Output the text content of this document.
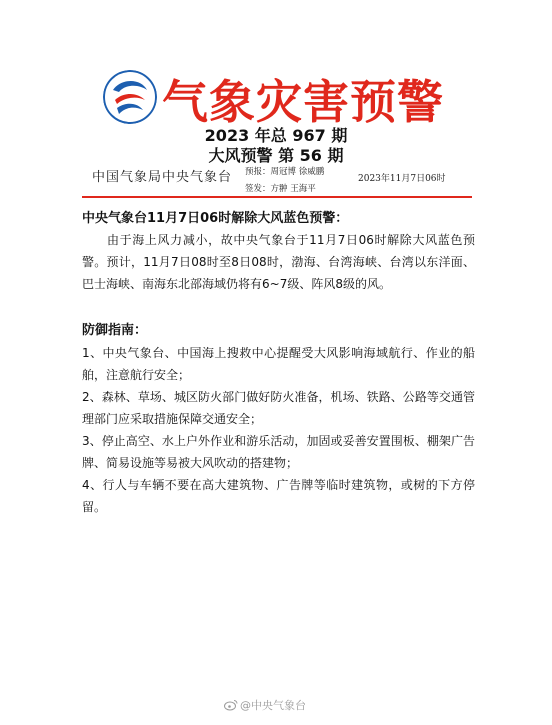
气象灾害预警
2023 年总 967 期
大风预警 第 56 期
中国气象局中央气象台 预报：周冠博 徐威鹏
签发：方翀 王海平
2023年11月7日06时
中央气象台11月7日06时解除大风蓝色预警：
由于海上风力减小，故中央气象台于11月7日06时解除大风蓝色预警。预计，11月7日08时至8日08时，渤海、台湾海峡、台湾以东洋面、巴士海峡、南海东北部海域仍将有6~7级、阵风8级的风。
防御指南：
1、中央气象台、中国海上搜救中心提醒受大风影响海域航行、作业的船舶，注意航行安全；
2、森林、草场、城区防火部门做好防火准备，机场、铁路、公路等交通管理部门应采取措施保障交通安全；
3、停止高空、水上户外作业和游乐活动，加固或妥善安置围板、棚架广告牌、简易设施等易被大风吹动的搭建物；
4、行人与车辆不要在高大建筑物、广告牌等临时建筑物，或树的下方停留。
@中央气象台
